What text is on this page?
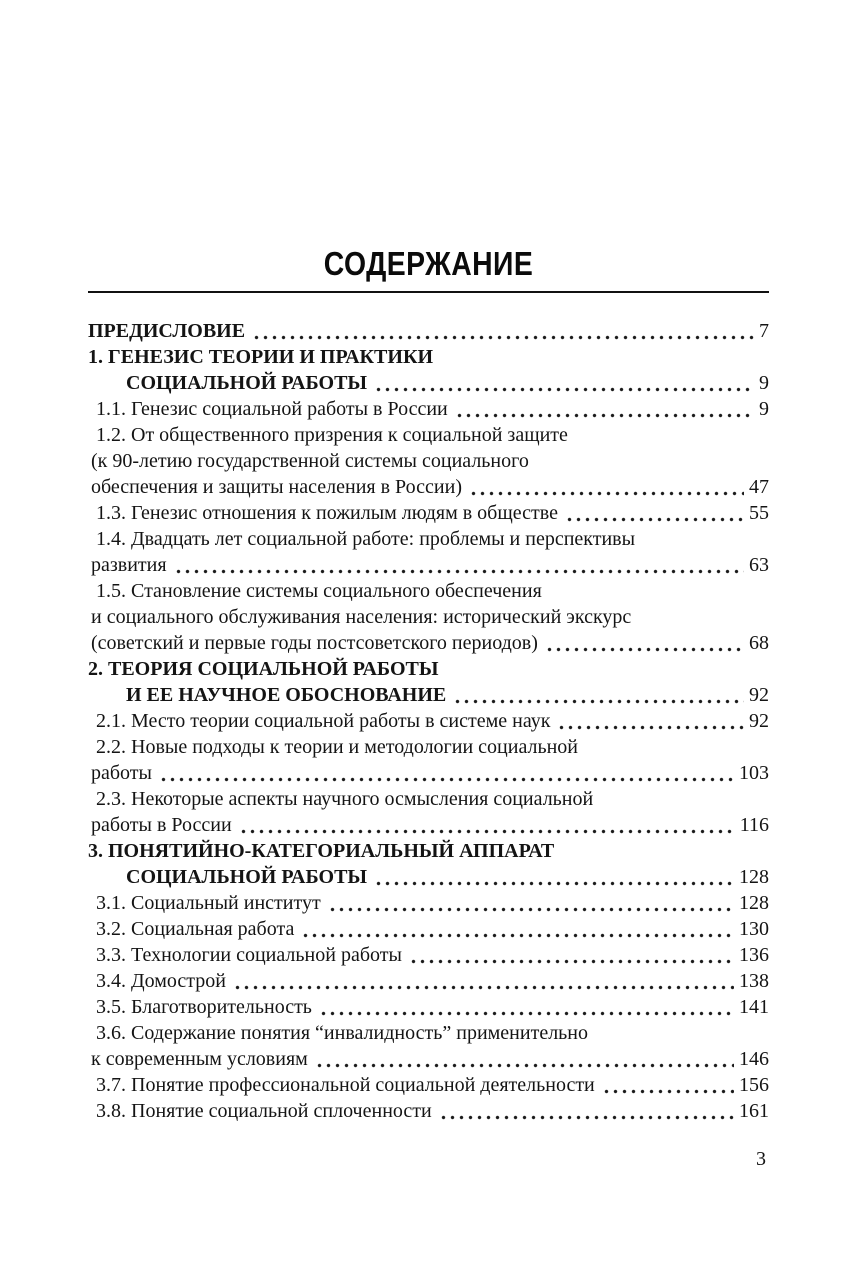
СОДЕРЖАНИЕ
ПРЕДИСЛОВИЕ	7
1. ГЕНЕЗИС ТЕОРИИ И ПРАКТИКИ
СОЦИАЛЬНОЙ РАБОТЫ	9
1.1. Генезис социальной работы в России	9
1.2. От общественного призрения к социальной защите
(к 90-летию государственной системы социального
обеспечения и защиты населения в России)	47
1.3. Генезис отношения к пожилым людям в обществе	55
1.4. Двадцать лет социальной работе: проблемы и перспективы
развития	63
1.5. Становление системы социального обеспечения
и социального обслуживания населения: исторический экскурс
(советский и первые годы постсоветского периодов)	68
2. ТЕОРИЯ СОЦИАЛЬНОЙ РАБОТЫ
И ЕЕ НАУЧНОЕ ОБОСНОВАНИЕ	92
2.1. Место теории социальной работы в системе наук	92
2.2. Новые подходы к теории и методологии социальной
работы	103
2.3. Некоторые аспекты научного осмысления социальной
работы в России	116
3. ПОНЯТИЙНО-КАТЕГОРИАЛЬНЫЙ АППАРАТ
СОЦИАЛЬНОЙ РАБОТЫ	128
3.1. Социальный институт	128
3.2. Социальная работа	130
3.3. Технологии социальной работы	136
3.4. Домострой	138
3.5. Благотворительность	141
3.6. Содержание понятия “инвалидность” применительно
к современным условиям	146
3.7. Понятие профессиональной социальной деятельности	156
3.8. Понятие социальной сплоченности	161
3
